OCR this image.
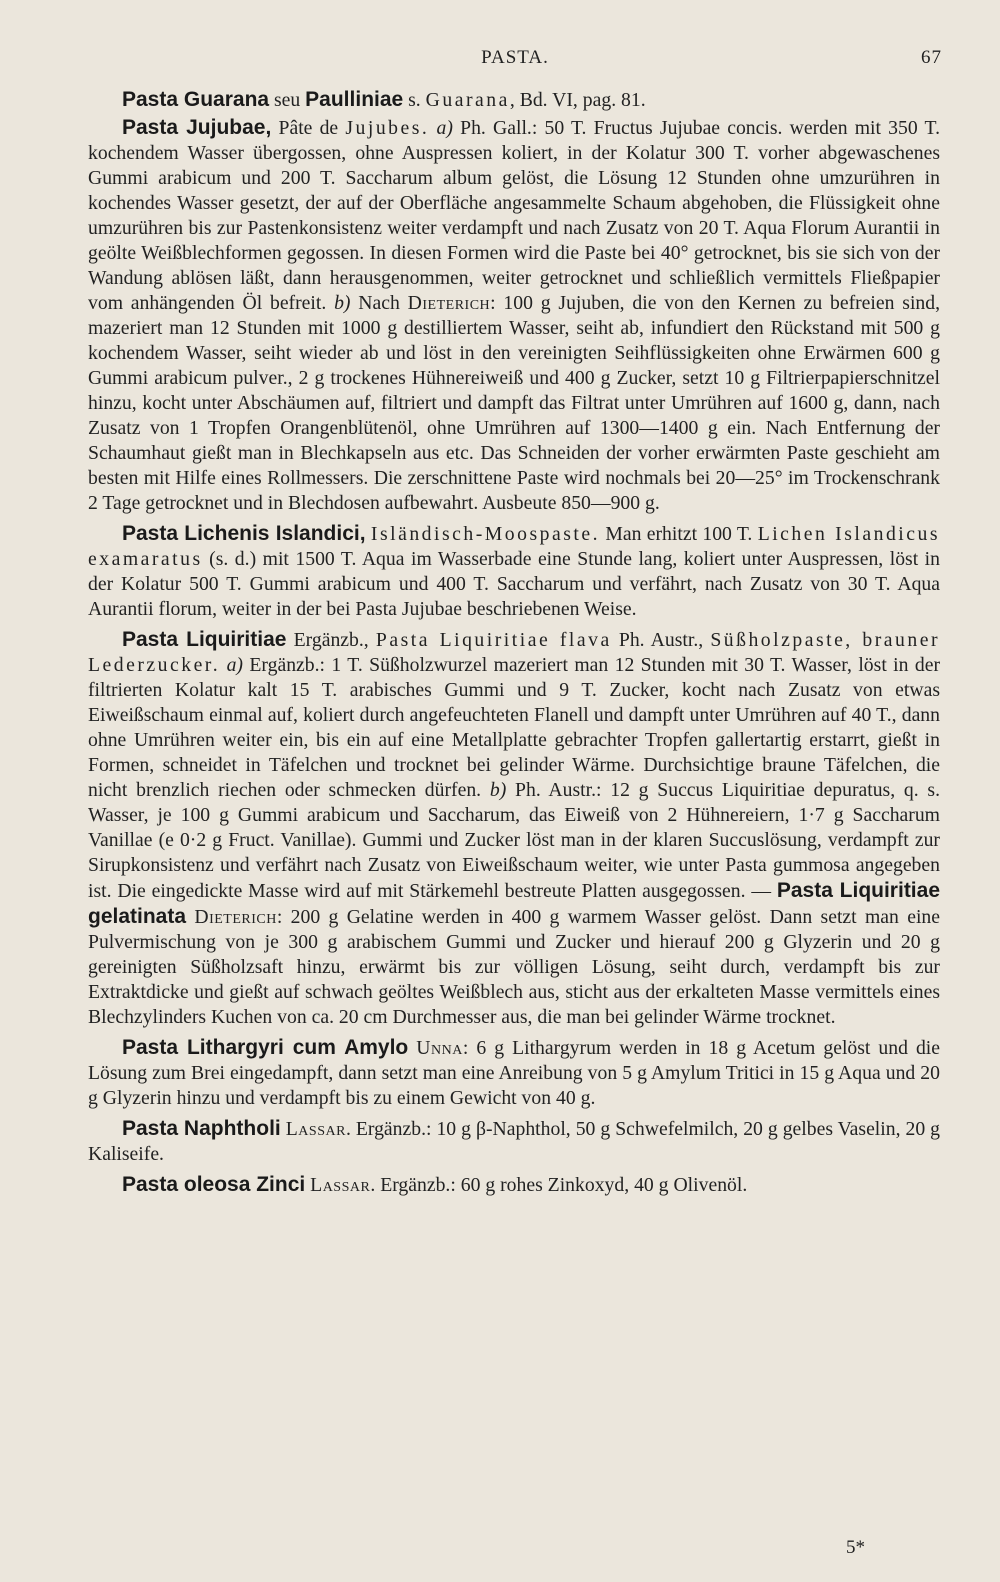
PASTA.	67

Pasta Guarana seu Paulliniae s. Guarana, Bd. VI, pag. 81.

Pasta Jujubae, Pâte de Jujubes. a) Ph. Gall.: 50 T. Fructus Jujubae concis. werden mit 350 T. kochendem Wasser übergossen, ohne Auspressen koliert, in der Kolatur 300 T. vorher abgewaschenes Gummi arabicum und 200 T. Saccharum album gelöst, die Lösung 12 Stunden ohne umzurühren in kochendes Wasser gesetzt, der auf der Oberfläche angesammelte Schaum abgehoben, die Flüssigkeit ohne umzurühren bis zur Pastenkonsistenz weiter verdampft und nach Zusatz von 20 T. Aqua Florum Aurantii in geölte Weißblechformen gegossen. In diesen Formen wird die Paste bei 40° getrocknet, bis sie sich von der Wandung ablösen läßt, dann herausgenommen, weiter getrocknet und schließlich vermittels Fließpapier vom anhängenden Öl befreit. b) Nach Dieterich: 100 g Jujuben, die von den Kernen zu befreien sind, mazeriert man 12 Stunden mit 1000 g destilliertem Wasser, seiht ab, infundiert den Rückstand mit 500 g kochendem Wasser, seiht wieder ab und löst in den vereinigten Seihflüssigkeiten ohne Erwärmen 600 g Gummi arabicum pulver., 2 g trockenes Hühnereiweiß und 400 g Zucker, setzt 10 g Filtrierpapierschnitzel hinzu, kocht unter Abschäumen auf, filtriert und dampft das Filtrat unter Umrühren auf 1600 g, dann, nach Zusatz von 1 Tropfen Orangenblütenöl, ohne Umrühren auf 1300—1400 g ein. Nach Entfernung der Schaumhaut gießt man in Blechkapseln aus etc. Das Schneiden der vorher erwärmten Paste geschieht am besten mit Hilfe eines Rollmessers. Die zerschnittene Paste wird nochmals bei 20—25° im Trockenschrank 2 Tage getrocknet und in Blechdosen aufbewahrt. Ausbeute 850—900 g.

Pasta Lichenis Islandici, Isländisch-Moospaste. Man erhitzt 100 T. Lichen Islandicus examaratus (s. d.) mit 1500 T. Aqua im Wasserbade eine Stunde lang, koliert unter Auspressen, löst in der Kolatur 500 T. Gummi arabicum und 400 T. Saccharum und verfährt, nach Zusatz von 30 T. Aqua Aurantii florum, weiter in der bei Pasta Jujubae beschriebenen Weise.

Pasta Liquiritiae Ergänzb., Pasta Liquiritiae flava Ph. Austr., Süßholzpaste, brauner Lederzucker. a) Ergänzb.: 1 T. Süßholzwurzel mazeriert man 12 Stunden mit 30 T. Wasser, löst in der filtrierten Kolatur kalt 15 T. arabisches Gummi und 9 T. Zucker, kocht nach Zusatz von etwas Eiweißschaum einmal auf, koliert durch angefeuchteten Flanell und dampft unter Umrühren auf 40 T., dann ohne Umrühren weiter ein, bis ein auf eine Metallplatte gebrachter Tropfen gallertartig erstarrt, gießt in Formen, schneidet in Täfelchen und trocknet bei gelinder Wärme. Durchsichtige braune Täfelchen, die nicht brenzlich riechen oder schmecken dürfen. b) Ph. Austr.: 12 g Succus Liquiritiae depuratus, q. s. Wasser, je 100 g Gummi arabicum und Saccharum, das Eiweiß von 2 Hühnereiern, 1·7 g Saccharum Vanillae (e 0·2 g Fruct. Vanillae). Gummi und Zucker löst man in der klaren Succuslösung, verdampft zur Sirupkonsistenz und verfährt nach Zusatz von Eiweißschaum weiter, wie unter Pasta gummosa angegeben ist. Die eingedickte Masse wird auf mit Stärkemehl bestreute Platten ausgegossen. — Pasta Liquiritiae gelatinata Dieterich: 200 g Gelatine werden in 400 g warmem Wasser gelöst. Dann setzt man eine Pulvermischung von je 300 g arabischem Gummi und Zucker und hierauf 200 g Glyzerin und 20 g gereinigten Süßholzsaft hinzu, erwärmt bis zur völligen Lösung, seiht durch, verdampft bis zur Extraktdicke und gießt auf schwach geöltes Weißblech aus, sticht aus der erkalteten Masse vermittels eines Blechzylinders Kuchen von ca. 20 cm Durchmesser aus, die man bei gelinder Wärme trocknet.

Pasta Lithargyri cum Amylo Unna: 6 g Lithargyrum werden in 18 g Acetum gelöst und die Lösung zum Brei eingedampft, dann setzt man eine Anreibung von 5 g Amylum Tritici in 15 g Aqua und 20 g Glyzerin hinzu und verdampft bis zu einem Gewicht von 40 g.

Pasta Naphtholi Lassar. Ergänzb.: 10 g β-Naphthol, 50 g Schwefelmilch, 20 g gelbes Vaselin, 20 g Kaliseife.

Pasta oleosa Zinci Lassar. Ergänzb.: 60 g rohes Zinkoxyd, 40 g Olivenöl.

5*
